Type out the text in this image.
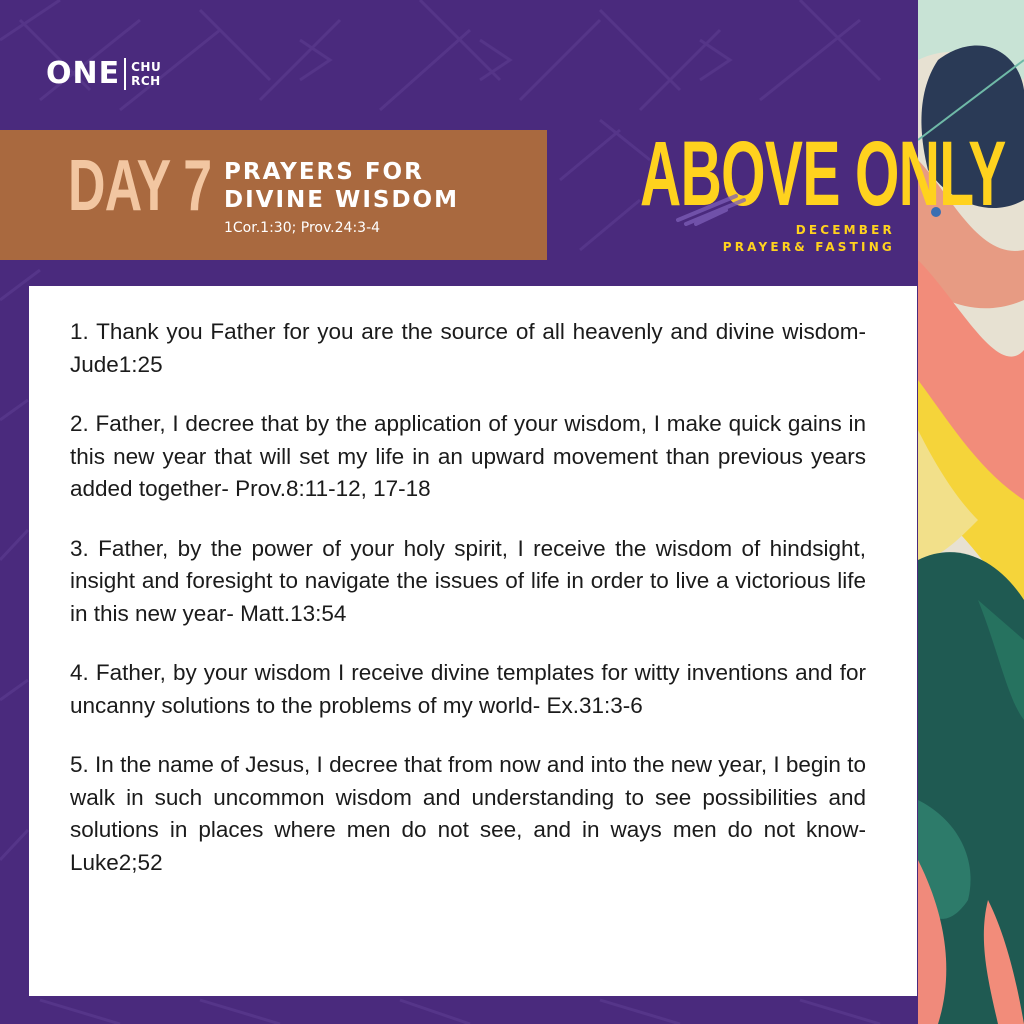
ONE CHU
RCH
DAY 7 PRAYERS FOR
DIVINE WISDOM
1Cor.1:30; Prov.24:3-4
ABOVE ONLY
DECEMBER
PRAYER& FASTING
1. Thank you Father for you are the source of all heavenly and divine wisdom-Jude1:25
2. Father, I decree that by the application of your wisdom, I make quick gains in this new year that will set my life in an upward movement than previous years added together- Prov.8:11-12, 17-18
3. Father, by the power of your holy spirit, I receive the wisdom of hindsight, insight and foresight to navigate the issues of life in order to live a victorious life in this new year- Matt.13:54
4. Father, by your wisdom I receive divine templates for witty inventions and for uncanny solutions to the problems of my world- Ex.31:3-6
5. In the name of Jesus, I decree that from now and into the new year, I begin to walk in such uncommon wisdom and understanding to see possibilities and solutions in places where men do not see, and in ways men do not know-Luke2;52
